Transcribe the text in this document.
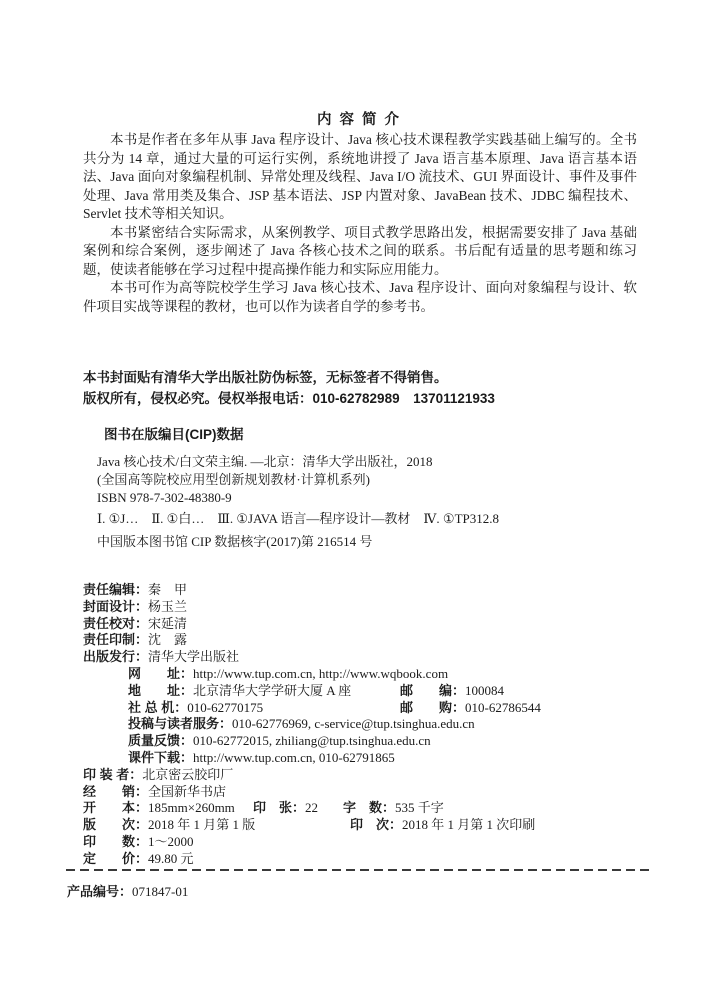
内 容 简 介

本书是作者在多年从事 Java 程序设计、Java 核心技术课程教学实践基础上编写的。全书共分为 14 章，通过大量的可运行实例，系统地讲授了 Java 语言基本原理、Java 语言基本语法、Java 面向对象编程机制、异常处理及线程、Java I/O 流技术、GUI 界面设计、事件及事件处理、Java 常用类及集合、JSP 基本语法、JSP 内置对象、JavaBean 技术、JDBC 编程技术、Servlet 技术等相关知识。

本书紧密结合实际需求，从案例教学、项目式教学思路出发，根据需要安排了 Java 基础案例和综合案例，逐步阐述了 Java 各核心技术之间的联系。书后配有适量的思考题和练习题，使读者能够在学习过程中提高操作能力和实际应用能力。

本书可作为高等院校学生学习 Java 核心技术、Java 程序设计、面向对象编程与设计、软件项目实战等课程的教材，也可以作为读者自学的参考书。

本书封面贴有清华大学出版社防伪标签，无标签者不得销售。

版权所有，侵权必究。侵权举报电话：010-62782989　13701121933

图书在版编目(CIP)数据
Java 核心技术/白文荣主编. —北京：清华大学出版社，2018
(全国高等院校应用型创新规划教材·计算机系列)
ISBN 978-7-302-48380-9
Ⅰ. ①J…　Ⅱ. ①白…　Ⅲ. ①JAVA 语言—程序设计—教材　Ⅳ. ①TP312.8
中国版本图书馆 CIP 数据核字(2017)第 216514 号
责任编辑：秦　甲
封面设计：杨玉兰
责任校对：宋延清
责任印制：沈　露
出版发行：清华大学出版社
网　　址：http://www.tup.com.cn, http://www.wqbook.com
地　　址：北京清华大学学研大厦 A 座	邮　　编：100084
社 总 机：010-62770175	邮　　购：010-62786544
投稿与读者服务：010-62776969, c-service@tup.tsinghua.edu.cn
质量反馈：010-62772015, zhiliang@tup.tsinghua.edu.cn
课件下载：http://www.tup.com.cn, 010-62791865
印 装 者：北京密云胶印厂
经　　销：全国新华书店
开　　本：185mm×260mm 印　张：22 字　数：535 千字
版　　次：2018 年 1 月第 1 版	印　次：2018 年 1 月第 1 次印刷
印　　数：1～2000
定　　价：49.80 元
产品编号：071847-01
